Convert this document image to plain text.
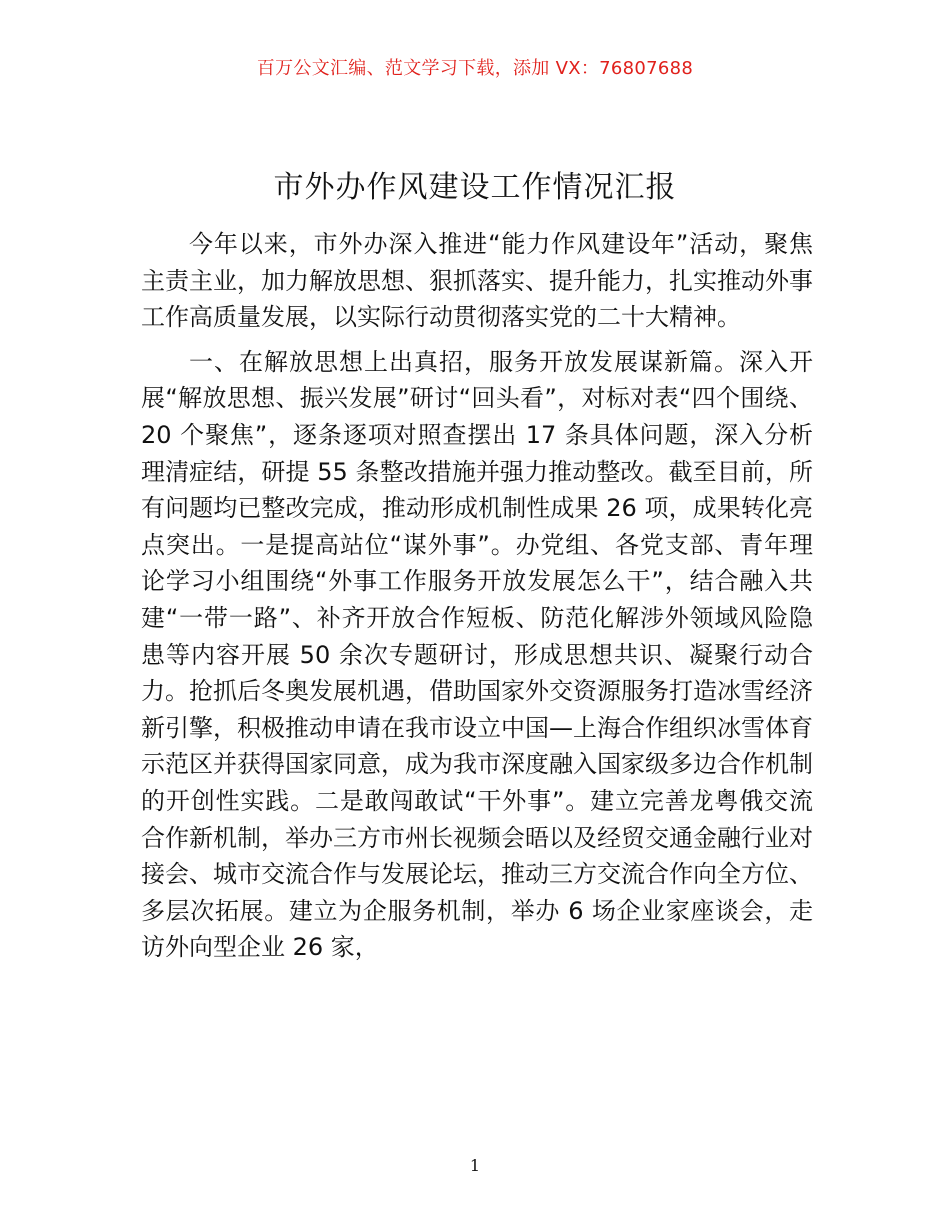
百万公文汇编、范文学习下载，添加 VX：76807688
市外办作风建设工作情况汇报

今年以来，市外办深入推进“能力作风建设年”活动，聚焦主责主业，加力解放思想、狠抓落实、提升能力，扎实推动外事工作高质量发展，以实际行动贯彻落实党的二十大精神。

一、在解放思想上出真招，服务开放发展谋新篇。深入开展“解放思想、振兴发展”研讨“回头看”，对标对表“四个围绕、20 个聚焦”，逐条逐项对照查摆出 17 条具体问题，深入分析理清症结，研提 55 条整改措施并强力推动整改。截至目前，所有问题均已整改完成，推动形成机制性成果 26 项，成果转化亮点突出。一是提高站位“谋外事”。办党组、各党支部、青年理论学习小组围绕“外事工作服务开放发展怎么干”，结合融入共建“一带一路”、补齐开放合作短板、防范化解涉外领域风险隐患等内容开展 50 余次专题研讨，形成思想共识、凝聚行动合力。抢抓后冬奥发展机遇，借助国家外交资源服务打造冰雪经济新引擎，积极推动申请在我市设立中国—上海合作组织冰雪体育示范区并获得国家同意，成为我市深度融入国家级多边合作机制的开创性实践。二是敢闯敢试“干外事”。建立完善龙粤俄交流合作新机制，举办三方市州长视频会晤以及经贸交通金融行业对接会、城市交流合作与发展论坛，推动三方交流合作向全方位、多层次拓展。建立为企服务机制，举办 6 场企业家座谈会，走访外向型企业 26 家，

1
